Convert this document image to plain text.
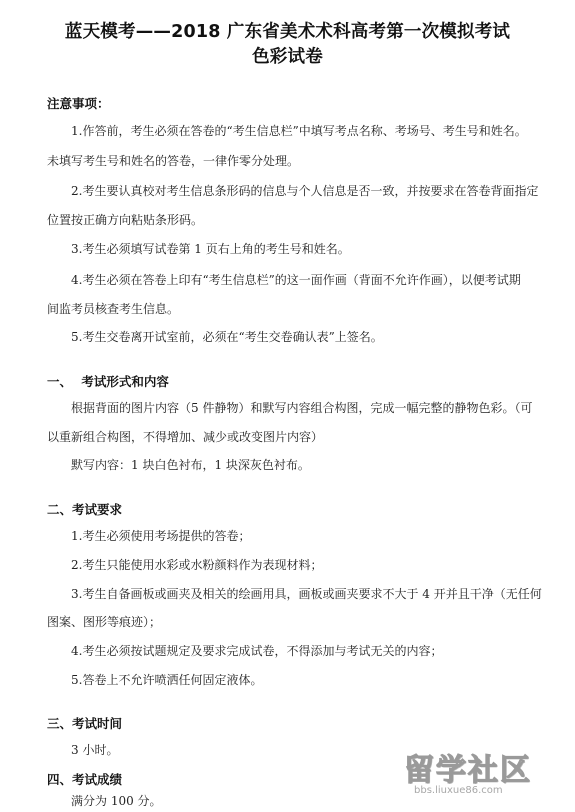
蓝天模考——2018 广东省美术术科高考第一次模拟考试
色彩试卷
注意事项：
1.作答前，考生必须在答卷的“考生信息栏”中填写考点名称、考场号、考生号和姓名。
未填写考生号和姓名的答卷，一律作零分处理。
2.考生要认真校对考生信息条形码的信息与个人信息是否一致，并按要求在答卷背面指定
位置按正确方向粘贴条形码。
3.考生必须填写试卷第 1 页右上角的考生号和姓名。
4.考生必须在答卷上印有“考生信息栏”的这一面作画（背面不允许作画），以便考试期
间监考员核查考生信息。
5.考生交卷离开试室前，必须在“考生交卷确认表”上签名。
一、 考试形式和内容
根据背面的图片内容（5 件静物）和默写内容组合构图，完成一幅完整的静物色彩。（可
以重新组合构图，不得增加、减少或改变图片内容）
默写内容：1 块白色衬布，1 块深灰色衬布。
二、考试要求
1.考生必须使用考场提供的答卷；
2.考生只能使用水彩或水粉颜料作为表现材料；
3.考生自备画板或画夹及相关的绘画用具，画板或画夹要求不大于 4 开并且干净（无任何
图案、图形等痕迹）；
4.考生必须按试题规定及要求完成试卷，不得添加与考试无关的内容；
5.答卷上不允许喷洒任何固定液体。
三、考试时间
3 小时。
四、考试成绩
满分为 100 分。
留学社区
bbs.liuxue86.com
